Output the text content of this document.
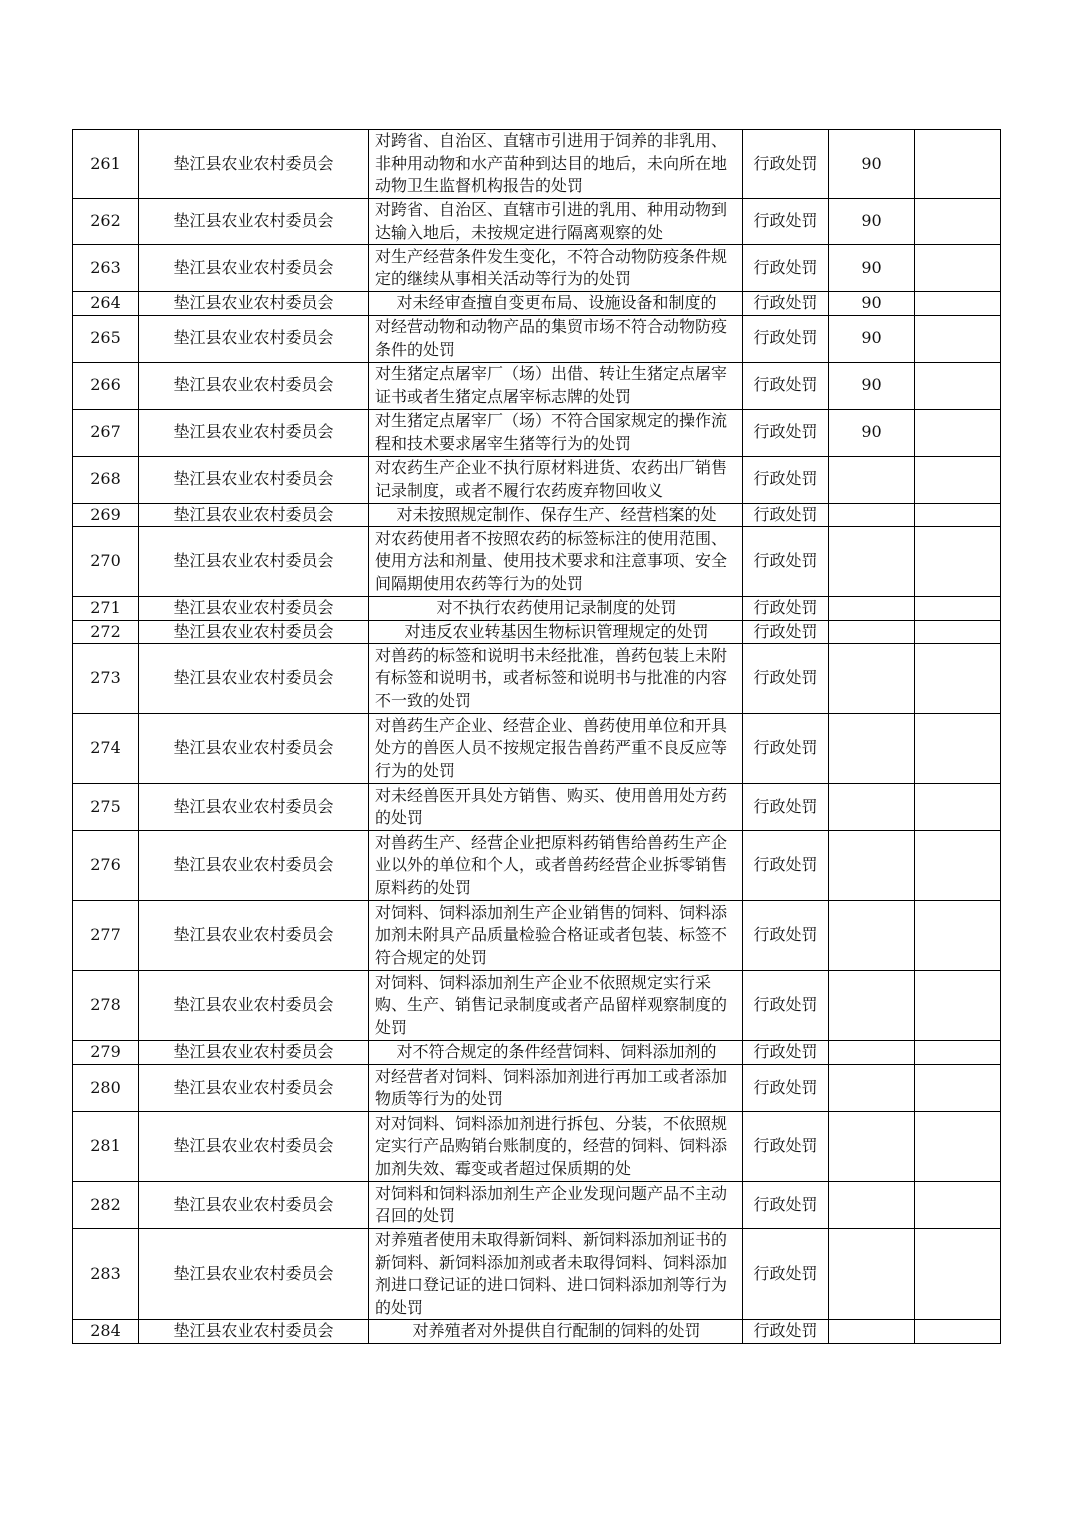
261	垫江县农业农村委员会	对跨省、自治区、直辖市引进用于饲养的非乳用、非种用动物和水产苗种到达目的地后，未向所在地动物卫生监督机构报告的处罚	行政处罚	90	
262	垫江县农业农村委员会	对跨省、自治区、直辖市引进的乳用、种用动物到达输入地后，未按规定进行隔离观察的处	行政处罚	90	
263	垫江县农业农村委员会	对生产经营条件发生变化，不符合动物防疫条件规定的继续从事相关活动等行为的处罚	行政处罚	90	
264	垫江县农业农村委员会	对未经审查擅自变更布局、设施设备和制度的	行政处罚	90	
265	垫江县农业农村委员会	对经营动物和动物产品的集贸市场不符合动物防疫条件的处罚	行政处罚	90	
266	垫江县农业农村委员会	对生猪定点屠宰厂（场）出借、转让生猪定点屠宰证书或者生猪定点屠宰标志牌的处罚	行政处罚	90	
267	垫江县农业农村委员会	对生猪定点屠宰厂（场）不符合国家规定的操作流程和技术要求屠宰生猪等行为的处罚	行政处罚	90	
268	垫江县农业农村委员会	对农药生产企业不执行原材料进货、农药出厂销售记录制度，或者不履行农药废弃物回收义	行政处罚		
269	垫江县农业农村委员会	对未按照规定制作、保存生产、经营档案的处	行政处罚		
270	垫江县农业农村委员会	对农药使用者不按照农药的标签标注的使用范围、使用方法和剂量、使用技术要求和注意事项、安全间隔期使用农药等行为的处罚	行政处罚		
271	垫江县农业农村委员会	对不执行农药使用记录制度的处罚	行政处罚		
272	垫江县农业农村委员会	对违反农业转基因生物标识管理规定的处罚	行政处罚		
273	垫江县农业农村委员会	对兽药的标签和说明书未经批准，兽药包装上未附有标签和说明书，或者标签和说明书与批准的内容不一致的处罚	行政处罚		
274	垫江县农业农村委员会	对兽药生产企业、经营企业、兽药使用单位和开具处方的兽医人员不按规定报告兽药严重不良反应等行为的处罚	行政处罚		
275	垫江县农业农村委员会	对未经兽医开具处方销售、购买、使用兽用处方药的处罚	行政处罚		
276	垫江县农业农村委员会	对兽药生产、经营企业把原料药销售给兽药生产企业以外的单位和个人，或者兽药经营企业拆零销售原料药的处罚	行政处罚		
277	垫江县农业农村委员会	对饲料、饲料添加剂生产企业销售的饲料、饲料添加剂未附具产品质量检验合格证或者包装、标签不符合规定的处罚	行政处罚		
278	垫江县农业农村委员会	对饲料、饲料添加剂生产企业不依照规定实行采购、生产、销售记录制度或者产品留样观察制度的处罚	行政处罚		
279	垫江县农业农村委员会	对不符合规定的条件经营饲料、饲料添加剂的	行政处罚		
280	垫江县农业农村委员会	对经营者对饲料、饲料添加剂进行再加工或者添加物质等行为的处罚	行政处罚		
281	垫江县农业农村委员会	对对饲料、饲料添加剂进行拆包、分装，不依照规定实行产品购销台账制度的，经营的饲料、饲料添加剂失效、霉变或者超过保质期的处	行政处罚		
282	垫江县农业农村委员会	对饲料和饲料添加剂生产企业发现问题产品不主动召回的处罚	行政处罚		
283	垫江县农业农村委员会	对养殖者使用未取得新饲料、新饲料添加剂证书的新饲料、新饲料添加剂或者未取得饲料、饲料添加剂进口登记证的进口饲料、进口饲料添加剂等行为的处罚	行政处罚		
284	垫江县农业农村委员会	对养殖者对外提供自行配制的饲料的处罚	行政处罚		
